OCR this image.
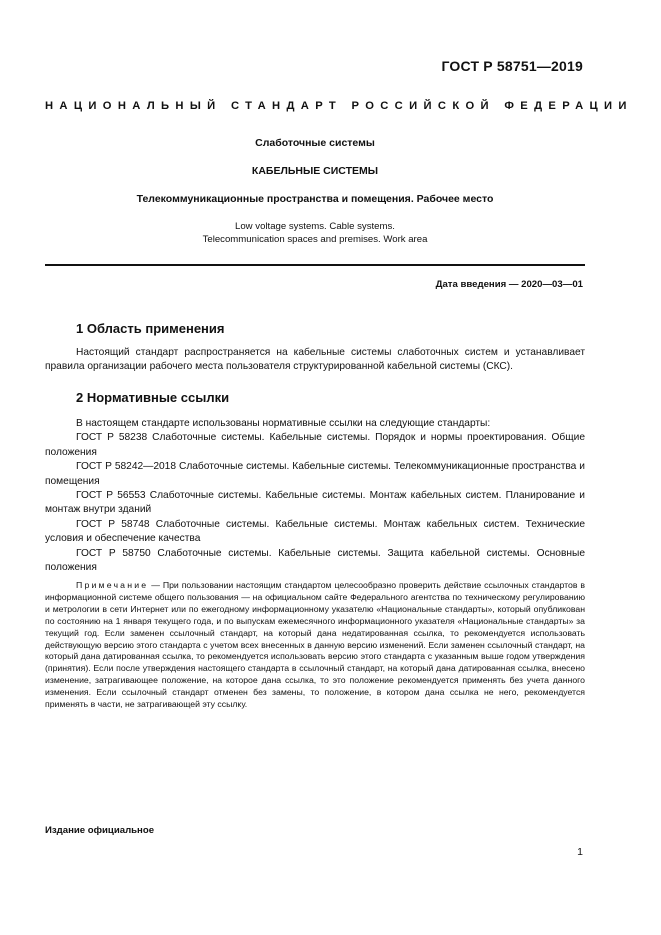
ГОСТ Р 58751—2019
НАЦИОНАЛЬНЫЙ СТАНДАРТ РОССИЙСКОЙ ФЕДЕРАЦИИ
Слаботочные системы
КАБЕЛЬНЫЕ СИСТЕМЫ
Телекоммуникационные пространства и помещения. Рабочее место
Low voltage systems. Cable systems.
Telecommunication spaces and premises. Work area
Дата введения — 2020—03—01
1 Область применения

Настоящий стандарт распространяется на кабельные системы слаботочных систем и устанавливает правила организации рабочего места пользователя структурированной кабельной системы (СКС).

2 Нормативные ссылки

В настоящем стандарте использованы нормативные ссылки на следующие стандарты:

ГОСТ Р 58238 Слаботочные системы. Кабельные системы. Порядок и нормы проектирования. Общие положения

ГОСТ Р 58242—2018 Слаботочные системы. Кабельные системы. Телекоммуникационные пространства и помещения

ГОСТ Р 56553 Слаботочные системы. Кабельные системы. Монтаж кабельных систем. Планирование и монтаж внутри зданий

ГОСТ Р 58748 Слаботочные системы. Кабельные системы. Монтаж кабельных систем. Технические условия и обеспечение качества

ГОСТ Р 58750 Слаботочные системы. Кабельные системы. Защита кабельной системы. Основные положения

Примечание — При пользовании настоящим стандартом целесообразно проверить действие ссылочных стандартов в информационной системе общего пользования — на официальном сайте Федерального агентства по техническому регулированию и метрологии в сети Интернет или по ежегодному информационному указателю «Национальные стандарты», который опубликован по состоянию на 1 января текущего года, и по выпускам ежемесячного информационного указателя «Национальные стандарты» за текущий год. Если заменен ссылочный стандарт, на который дана недатированная ссылка, то рекомендуется использовать действующую версию этого стандарта с учетом всех внесенных в данную версию изменений. Если заменен ссылочный стандарт, на который дана датированная ссылка, то рекомендуется использовать версию этого стандарта с указанным выше годом утверждения (принятия). Если после утверждения настоящего стандарта в ссылочный стандарт, на который дана датированная ссылка, внесено изменение, затрагивающее положение, на которое дана ссылка, то это положение рекомендуется применять без учета данного изменения. Если ссылочный стандарт отменен без замены, то положение, в котором дана ссылка не него, рекомендуется применять в части, не затрагивающей эту ссылку.

Издание официальное
1
